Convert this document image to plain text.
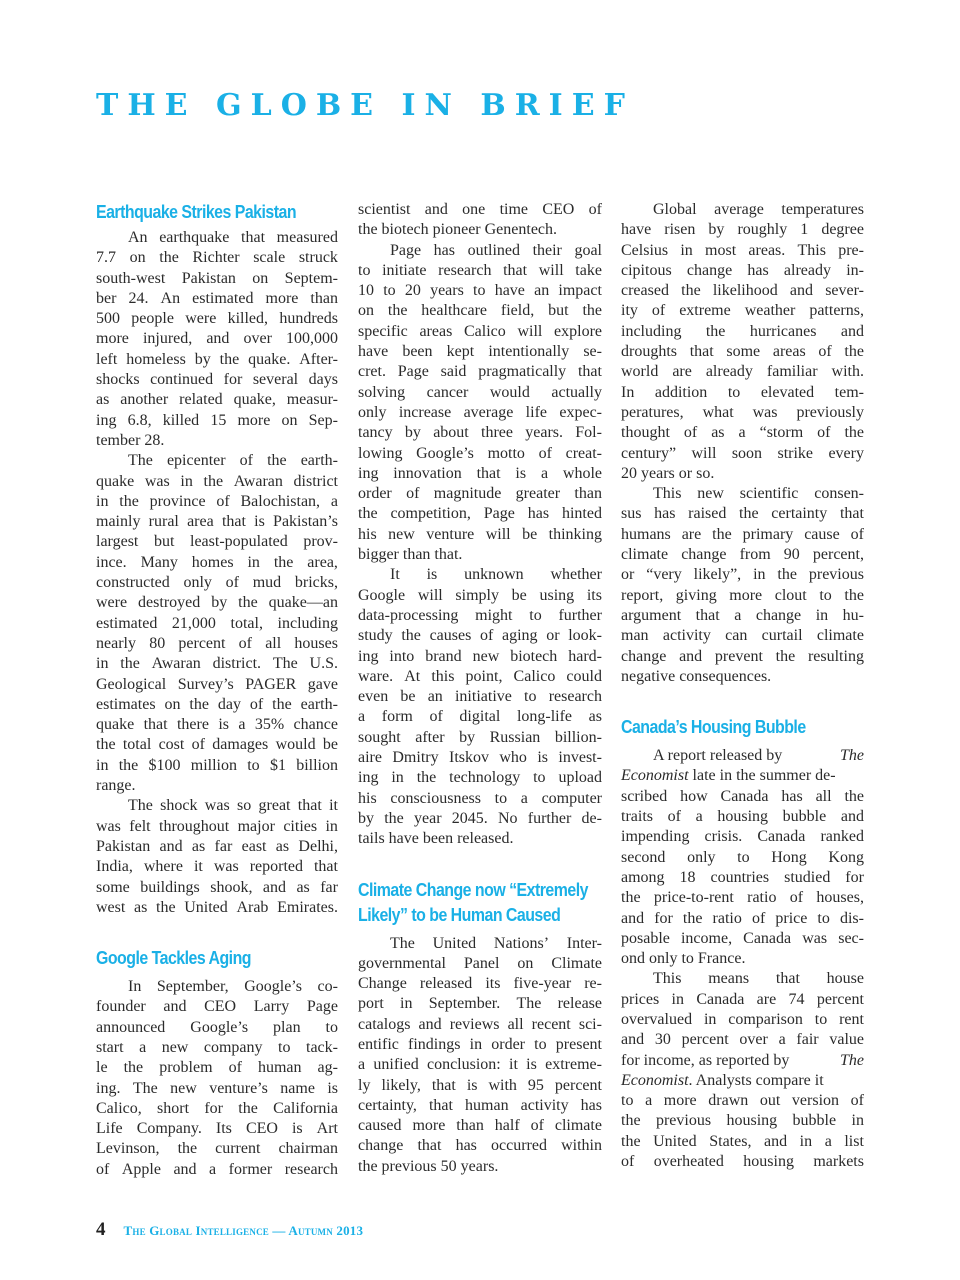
THE GLOBE IN BRIEF
Earthquake Strikes Pakistan
An earthquake that measured
7.7 on the Richter scale struck
south-west Pakistan on Septem-
ber 24. An estimated more than
500 people were killed, hundreds
more injured, and over 100,000
left homeless by the quake. After-
shocks continued for several days
as another related quake, measur-
ing 6.8, killed 15 more on Sep-
tember 28.
The epicenter of the earth-
quake was in the Awaran district
in the province of Balochistan, a
mainly rural area that is Pakistan’s
largest but least-populated prov-
ince. Many homes in the area,
constructed only of mud bricks,
were destroyed by the quake—an
estimated 21,000 total, including
nearly 80 percent of all houses
in the Awaran district. The U.S.
Geological Survey’s PAGER gave
estimates on the day of the earth-
quake that there is a 35% chance
the total cost of damages would be
in the $100 million to $1 billion
range.
The shock was so great that it
was felt throughout major cities in
Pakistan and as far east as Delhi,
India, where it was reported that
some buildings shook, and as far
west as the United Arab Emirates.
Google Tackles Aging
In September, Google’s co-
founder and CEO Larry Page
announced Google’s plan to
start a new company to tack-
le the problem of human ag-
ing. The new venture’s name is
Calico, short for the California
Life Company. Its CEO is Art
Levinson, the current chairman
of Apple and a former research
scientist and one time CEO of
the biotech pioneer Genentech.
Page has outlined their goal
to initiate research that will take
10 to 20 years to have an impact
on the healthcare field, but the
specific areas Calico will explore
have been kept intentionally se-
cret. Page said pragmatically that
solving cancer would actually
only increase average life expec-
tancy by about three years. Fol-
lowing Google’s motto of creat-
ing innovation that is a whole
order of magnitude greater than
the competition, Page has hinted
his new venture will be thinking
bigger than that.
It is unknown whether
Google will simply be using its
data-processing might to further
study the causes of aging or look-
ing into brand new biotech hard-
ware. At this point, Calico could
even be an initiative to research
a form of digital long-life as
sought after by Russian billion-
aire Dmitry Itskov who is invest-
ing in the technology to upload
his consciousness to a computer
by the year 2045. No further de-
tails have been released.
Climate Change now “Extremely Likely” to be Human Caused
The United Nations’ Inter-
governmental Panel on Climate
Change released its five-year re-
port in September. The release
catalogs and reviews all recent sci-
entific findings in order to present
a unified conclusion: it is extreme-
ly likely, that is with 95 percent
certainty, that human activity has
caused more than half of climate
change that has occurred within
the previous 50 years.
Global average temperatures
have risen by roughly 1 degree
Celsius in most areas. This pre-
cipitous change has already in-
creased the likelihood and sever-
ity of extreme weather patterns,
including the hurricanes and
droughts that some areas of the
world are already familiar with.
In addition to elevated tem-
peratures, what was previously
thought of as a “storm of the
century” will soon strike every
20 years or so.
This new scientific consen-
sus has raised the certainty that
humans are the primary cause of
climate change from 90 percent,
or “very likely”, in the previous
report, giving more clout to the
argument that a change in hu-
man activity can curtail climate
change and prevent the resulting
negative consequences.
Canada’s Housing Bubble
A report released by	The
Economist late in the summer de-
scribed how Canada has all the
traits of a housing bubble and
impending crisis. Canada ranked
second only to Hong Kong
among 18 countries studied for
the price-to-rent ratio of houses,
and for the ratio of price to dis-
posable income, Canada was sec-
ond only to France.
This means that house
prices in Canada are 74 percent
overvalued in comparison to rent
and 30 percent over a fair value
for income, as reported by	The
Economist. Analysts compare it
to a more drawn out version of
the previous housing bubble in
the United States, and in a list
of overheated housing markets
4 The Global Intelligence — Autumn 2013
